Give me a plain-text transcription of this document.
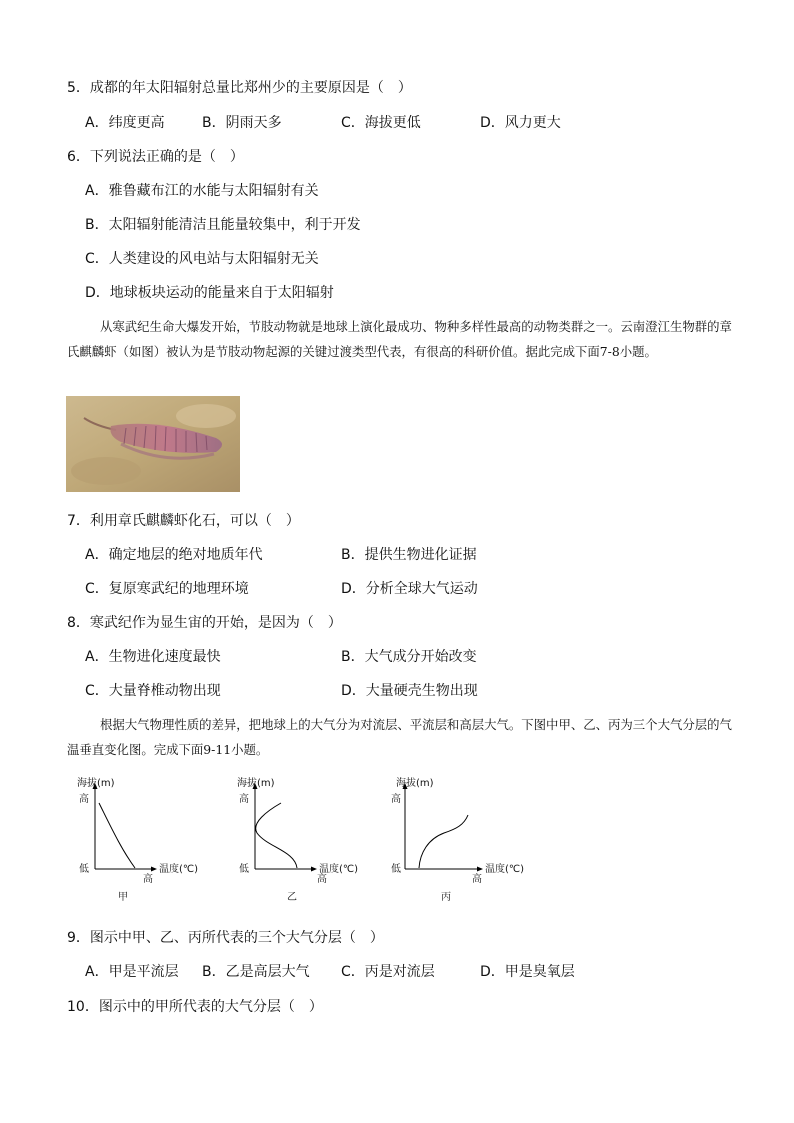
5．成都的年太阳辐射总量比郑州少的主要原因是（　）
A．纬度更高	B．阴雨天多	C．海拔更低	D．风力更大
6．下列说法正确的是（　）
A．雅鲁藏布江的水能与太阳辐射有关
B．太阳辐射能清洁且能量较集中，利于开发
C．人类建设的风电站与太阳辐射无关
D．地球板块运动的能量来自于太阳辐射
从寒武纪生命大爆发开始，节肢动物就是地球上演化最成功、物种多样性最高的动物类群之一。云南澄江生物群的章氏麒麟虾（如图）被认为是节肢动物起源的关键过渡类型代表，有很高的科研价值。据此完成下面7-8小题。
7．利用章氏麒麟虾化石，可以（　）
A．确定地层的绝对地质年代	B．提供生物进化证据
C．复原寒武纪的地理环境	D．分析全球大气运动
8．寒武纪作为显生宙的开始，是因为（　）
A．生物进化速度最快	B．大气成分开始改变
C．大量脊椎动物出现	D．大量硬壳生物出现
根据大气物理性质的差异，把地球上的大气分为对流层、平流层和高层大气。下图中甲、乙、丙为三个大气分层的气温垂直变化图。完成下面9-11小题。
海拔(m)
高
低	温度(℃)
高
甲
海拔(m)
高
低	温度(℃)
高
乙
海拔(m)
高
低	温度(℃)
高
丙
9．图示中甲、乙、丙所代表的三个大气分层（　）
A．甲是平流层 B．乙是高层大气 C．丙是对流层	D．甲是臭氧层
10．图示中的甲所代表的大气分层（　）
